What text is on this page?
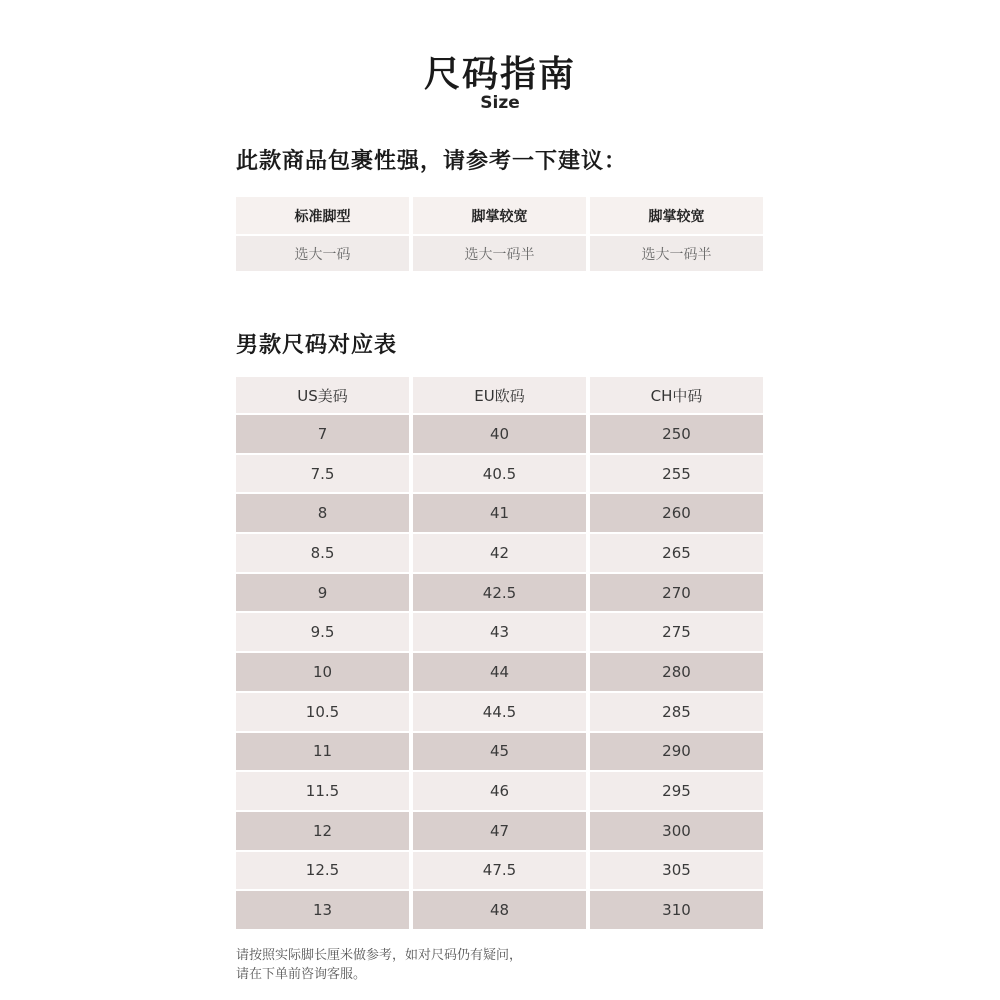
尺码指南
Size
此款商品包裹性强，请参考一下建议：
标准脚型	脚掌较宽	脚掌较宽
选大一码	选大一码半	选大一码半
男款尺码对应表
US美码	EU欧码	CH中码
7	40	250
7.5	40.5	255
8	41	260
8.5	42	265
9	42.5	270
9.5	43	275
10	44	280
10.5	44.5	285
11	45	290
11.5	46	295
12	47	300
12.5	47.5	305
13	48	310
请按照实际脚长厘米做参考，如对尺码仍有疑问，
请在下单前咨询客服。
